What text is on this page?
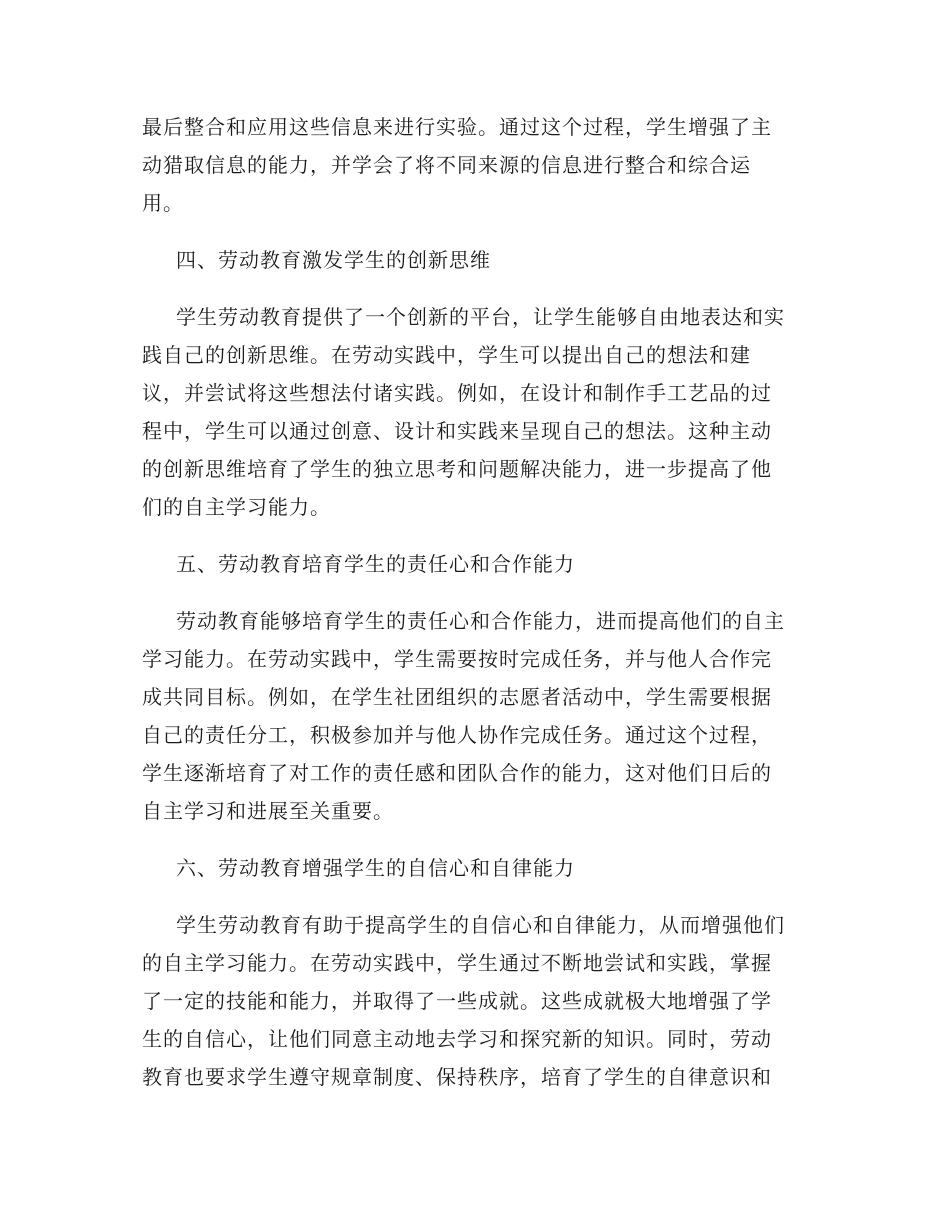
最后整合和应用这些信息来进行实验。通过这个过程，学生增强了主
动猎取信息的能力，并学会了将不同来源的信息进行整合和综合运
用。
四、劳动教育激发学生的创新思维
学生劳动教育提供了一个创新的平台，让学生能够自由地表达和实
践自己的创新思维。在劳动实践中，学生可以提出自己的想法和建
议，并尝试将这些想法付诸实践。例如，在设计和制作手工艺品的过
程中，学生可以通过创意、设计和实践来呈现自己的想法。这种主动
的创新思维培育了学生的独立思考和问题解决能力，进一步提高了他
们的自主学习能力。
五、劳动教育培育学生的责任心和合作能力
劳动教育能够培育学生的责任心和合作能力，进而提高他们的自主
学习能力。在劳动实践中，学生需要按时完成任务，并与他人合作完
成共同目标。例如，在学生社团组织的志愿者活动中，学生需要根据
自己的责任分工，积极参加并与他人协作完成任务。通过这个过程，
学生逐渐培育了对工作的责任感和团队合作的能力，这对他们日后的
自主学习和进展至关重要。
六、劳动教育增强学生的自信心和自律能力
学生劳动教育有助于提高学生的自信心和自律能力，从而增强他们
的自主学习能力。在劳动实践中，学生通过不断地尝试和实践，掌握
了一定的技能和能力，并取得了一些成就。这些成就极大地增强了学
生的自信心，让他们同意主动地去学习和探究新的知识。同时，劳动
教育也要求学生遵守规章制度、保持秩序，培育了学生的自律意识和
